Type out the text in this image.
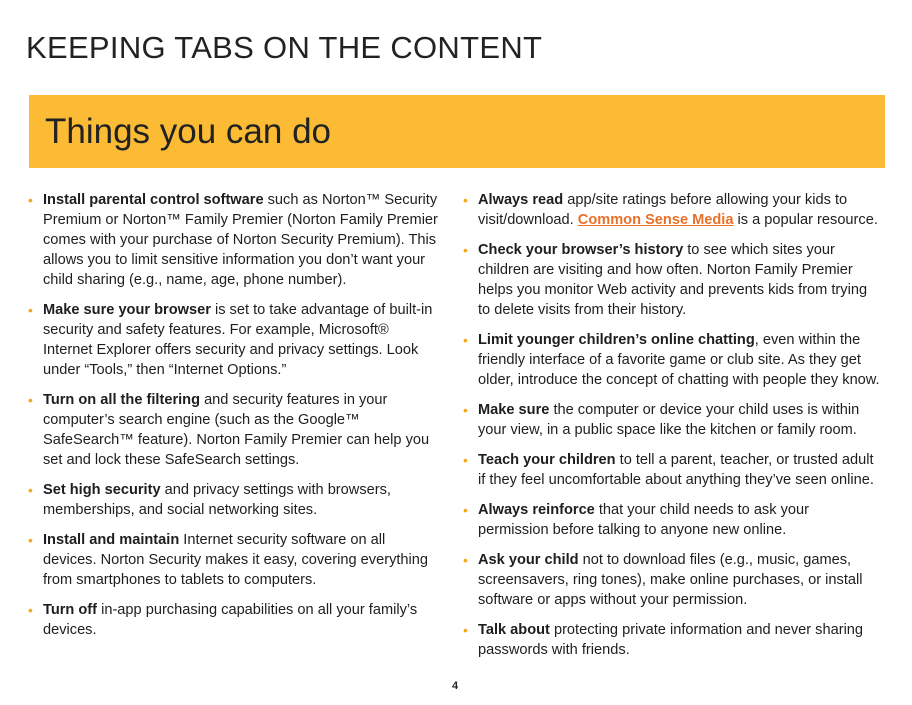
KEEPING TABS ON THE CONTENT
Things you can do
• Install parental control software such as Norton™ Security Premium or Norton™ Family Premier (Norton Family Premier comes with your purchase of Norton Security Premium). This allows you to limit sensitive information you don’t want your child sharing (e.g., name, age, phone number).
• Make sure your browser is set to take advantage of built-in security and safety features. For example, Microsoft® Internet Explorer offers security and privacy settings. Look under “Tools,” then “Internet Options.”
• Turn on all the filtering and security features in your computer’s search engine (such as the Google™ SafeSearch™ feature). Norton Family Premier can help you set and lock these SafeSearch settings.
• Set high security and privacy settings with browsers, memberships, and social networking sites.
• Install and maintain Internet security software on all devices. Norton Security makes it easy, covering everything from smartphones to tablets to computers.
• Turn off in-app purchasing capabilities on all your family’s devices.
• Always read app/site ratings before allowing your kids to visit/download. Common Sense Media is a popular resource.
• Check your browser’s history to see which sites your children are visiting and how often. Norton Family Premier helps you monitor Web activity and prevents kids from trying to delete visits from their history.
• Limit younger children’s online chatting, even within the friendly interface of a favorite game or club site. As they get older, introduce the concept of chatting with people they know.
• Make sure the computer or device your child uses is within your view, in a public space like the kitchen or family room.
• Teach your children to tell a parent, teacher, or trusted adult if they feel uncomfortable about anything they’ve seen online.
• Always reinforce that your child needs to ask your permission before talking to anyone new online.
• Ask your child not to download files (e.g., music, games, screensavers, ring tones), make online purchases, or install software or apps without your permission.
• Talk about protecting private information and never sharing passwords with friends.
4
